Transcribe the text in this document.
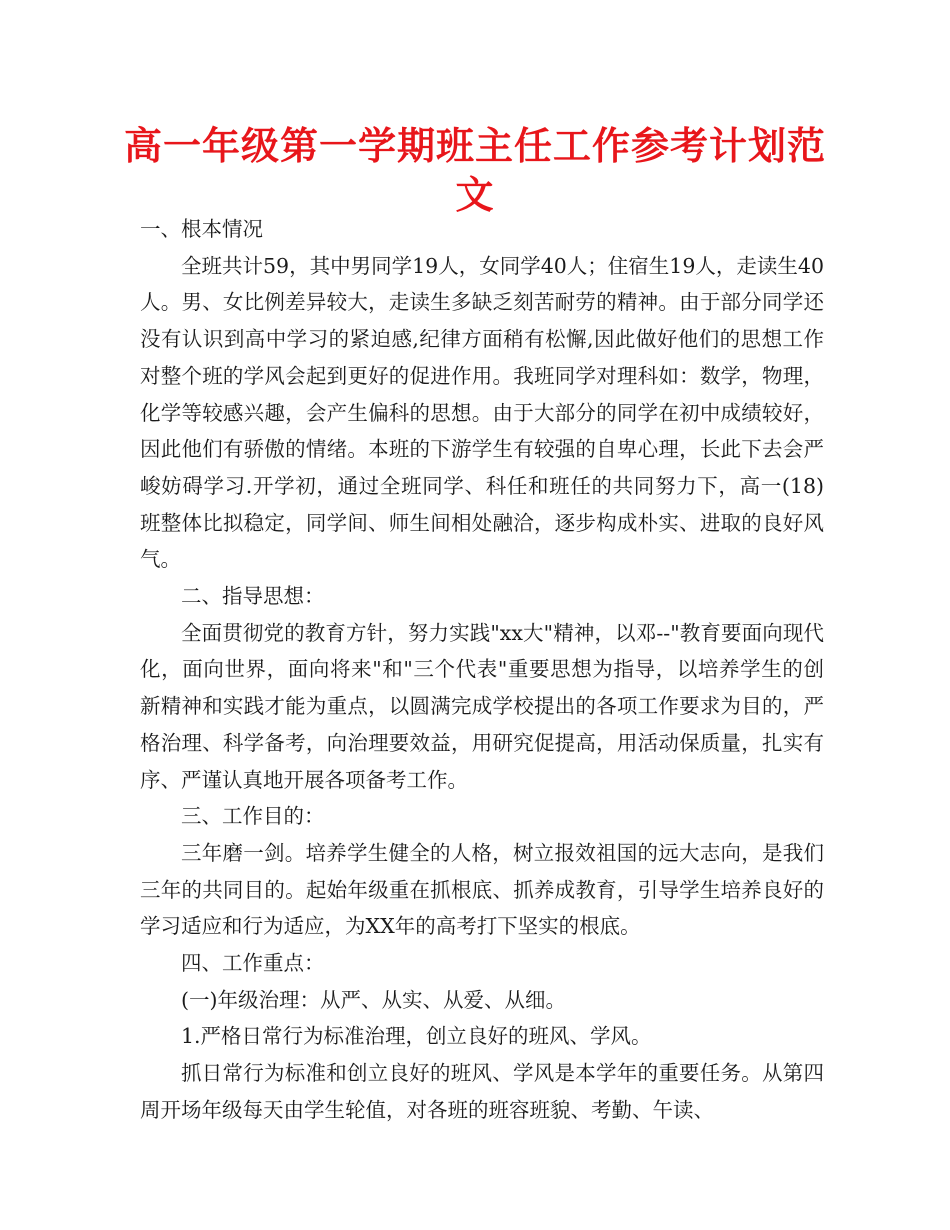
高一年级第一学期班主任工作参考计划范文

一、根本情况

全班共计59，其中男同学19人，女同学40人；住宿生19人，走读生40人。男、女比例差异较大，走读生多缺乏刻苦耐劳的精神。由于部分同学还没有认识到高中学习的紧迫感,纪律方面稍有松懈,因此做好他们的思想工作对整个班的学风会起到更好的促进作用。我班同学对理科如：数学，物理，化学等较感兴趣，会产生偏科的思想。由于大部分的同学在初中成绩较好，因此他们有骄傲的情绪。本班的下游学生有较强的自卑心理，长此下去会严峻妨碍学习.开学初，通过全班同学、科任和班任的共同努力下，高一(18)班整体比拟稳定，同学间、师生间相处融洽，逐步构成朴实、进取的良好风气。

二、指导思想：

全面贯彻党的教育方针，努力实践"xx大"精神，以邓--"教育要面向现代化，面向世界，面向将来"和"三个代表"重要思想为指导，以培养学生的创新精神和实践才能为重点，以圆满完成学校提出的各项工作要求为目的，严格治理、科学备考，向治理要效益，用研究促提高，用活动保质量，扎实有序、严谨认真地开展各项备考工作。

三、工作目的：

三年磨一剑。培养学生健全的人格，树立报效祖国的远大志向，是我们三年的共同目的。起始年级重在抓根底、抓养成教育，引导学生培养良好的学习适应和行为适应，为XX年的高考打下坚实的根底。

四、工作重点：

(一)年级治理：从严、从实、从爱、从细。

1.严格日常行为标准治理，创立良好的班风、学风。

抓日常行为标准和创立良好的班风、学风是本学年的重要任务。从第四周开场年级每天由学生轮值，对各班的班容班貌、考勤、午读、
